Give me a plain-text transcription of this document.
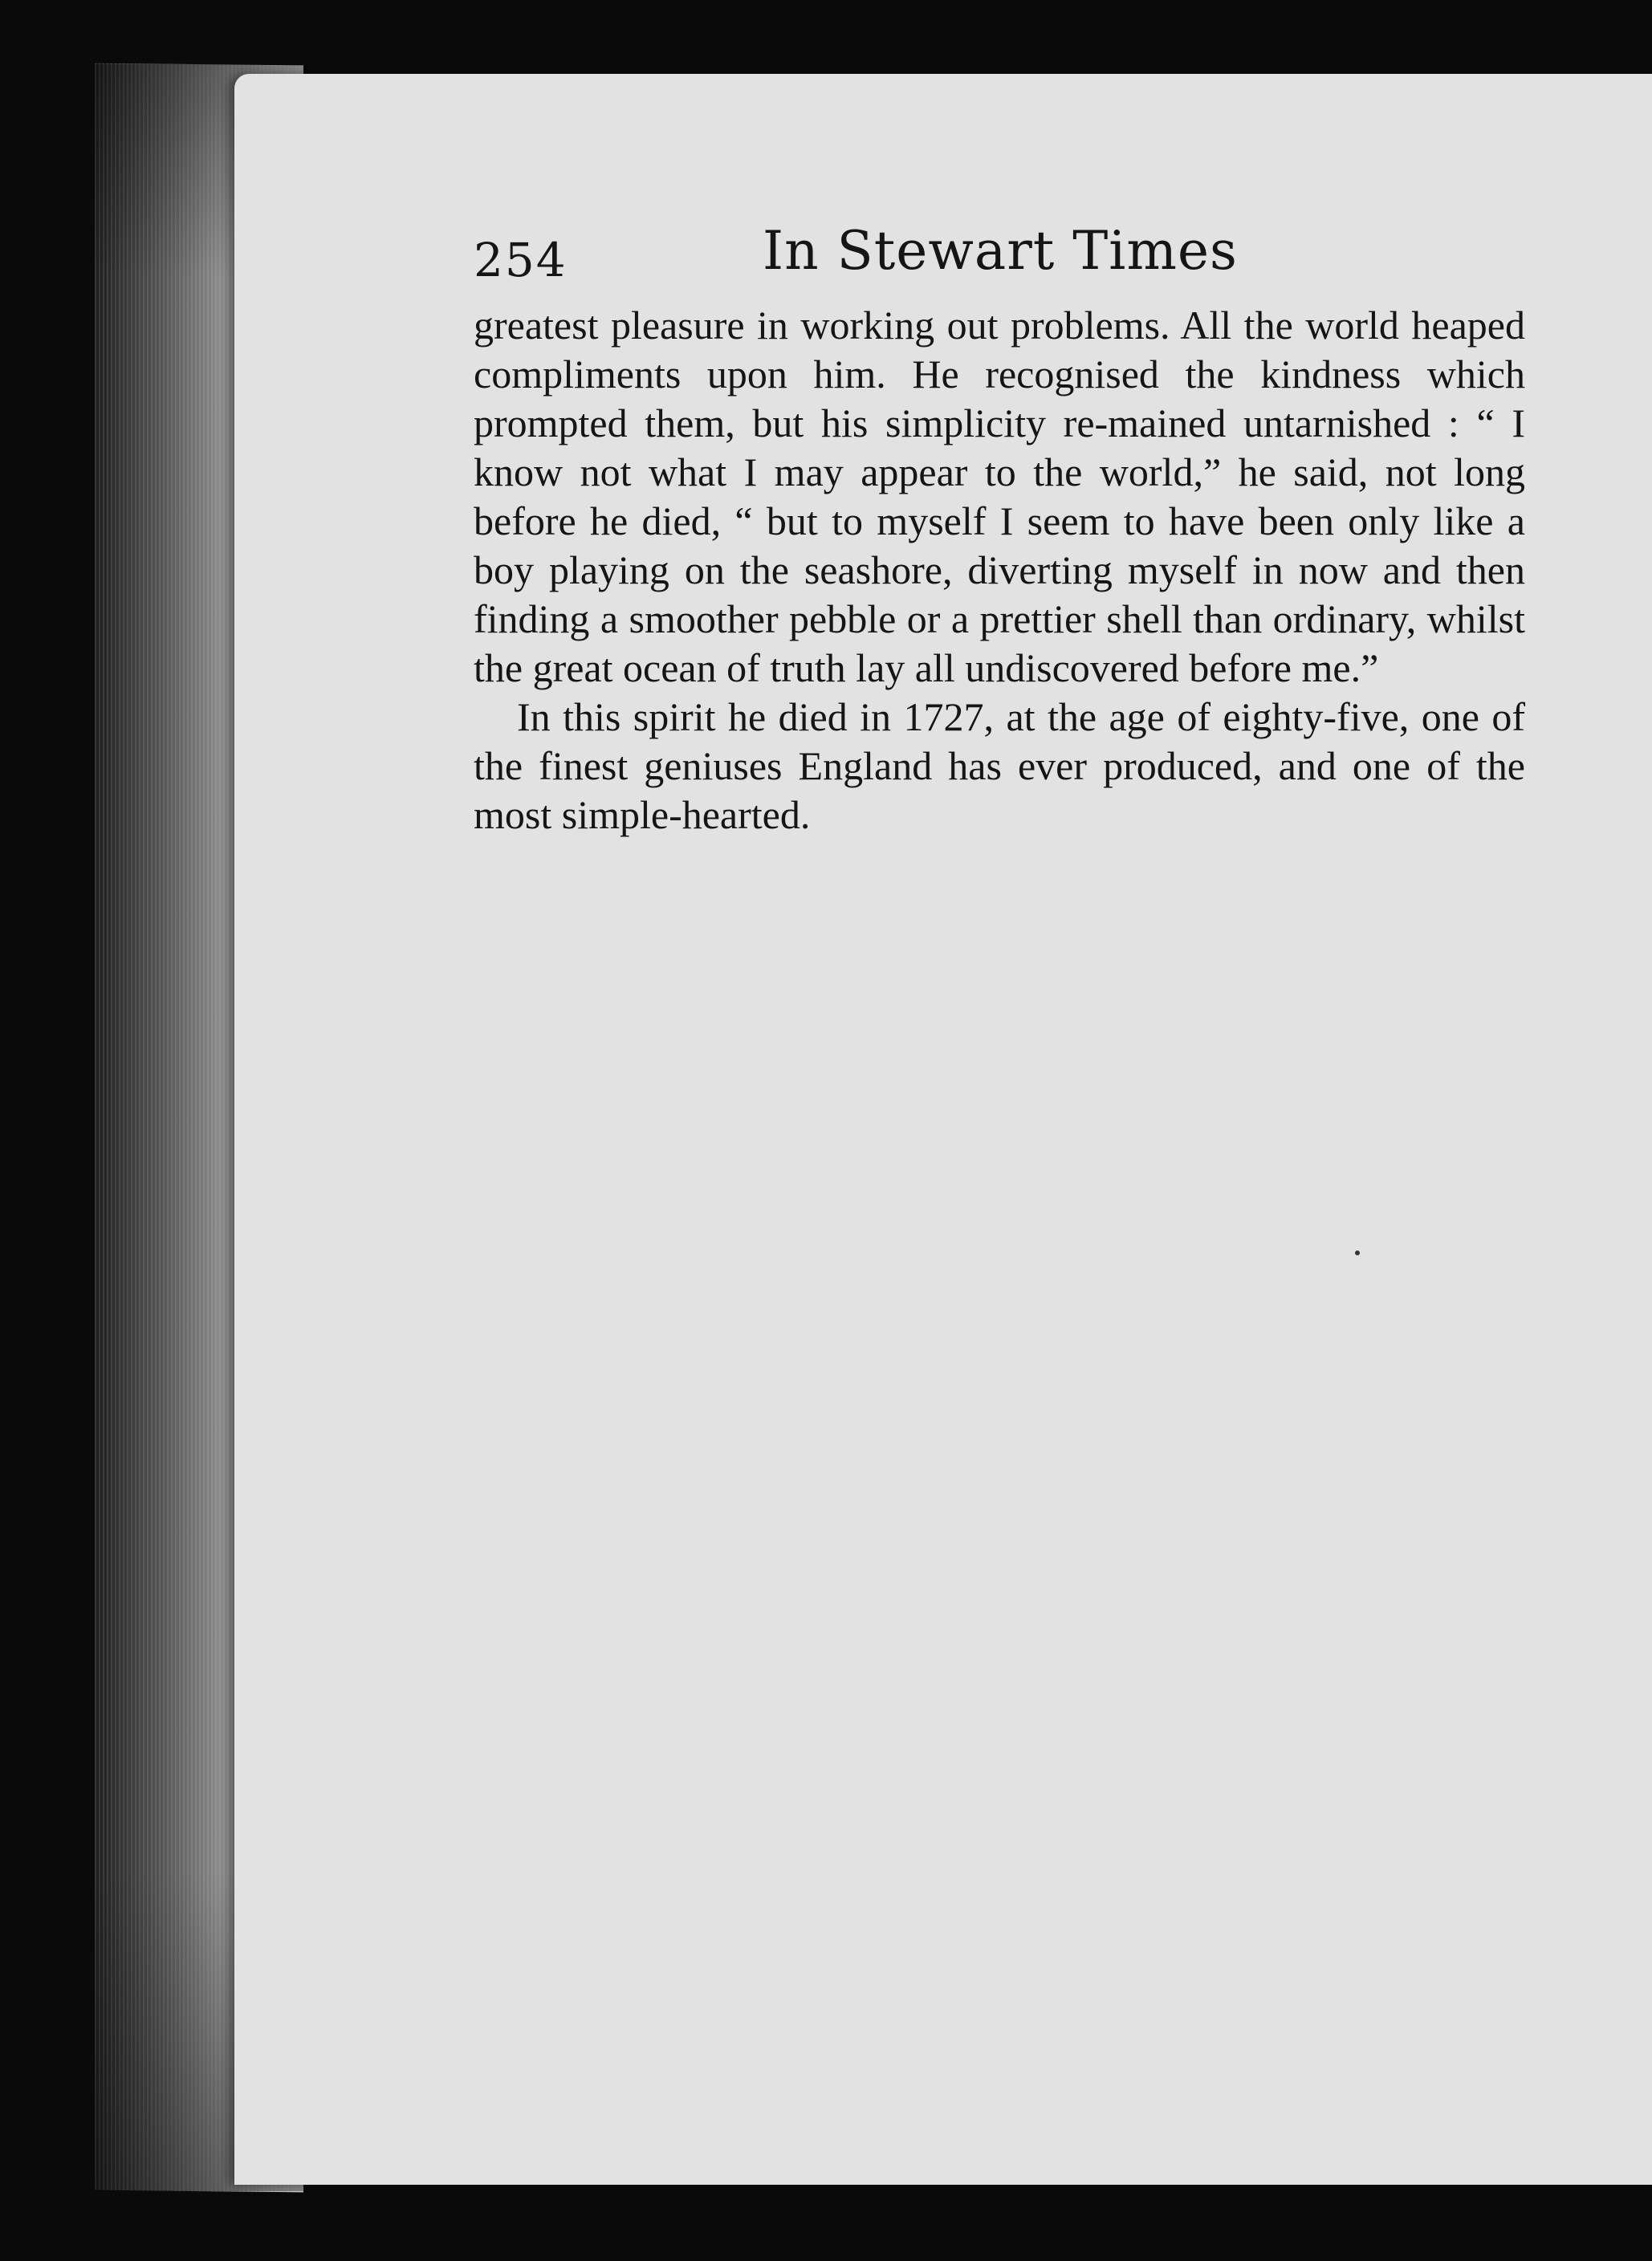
254	In Stewart Times

greatest pleasure in working out problems. All the world heaped compliments upon him. He recognised the kindness which prompted them, but his simplicity re-mained untarnished : “ I know not what I may appear to the world,” he said, not long before he died, “ but to myself I seem to have been only like a boy playing on the seashore, diverting myself in now and then finding a smoother pebble or a prettier shell than ordinary, whilst the great ocean of truth lay all undiscovered before me.”

In this spirit he died in 1727, at the age of eighty-five, one of the finest geniuses England has ever produced, and one of the most simple-hearted.
